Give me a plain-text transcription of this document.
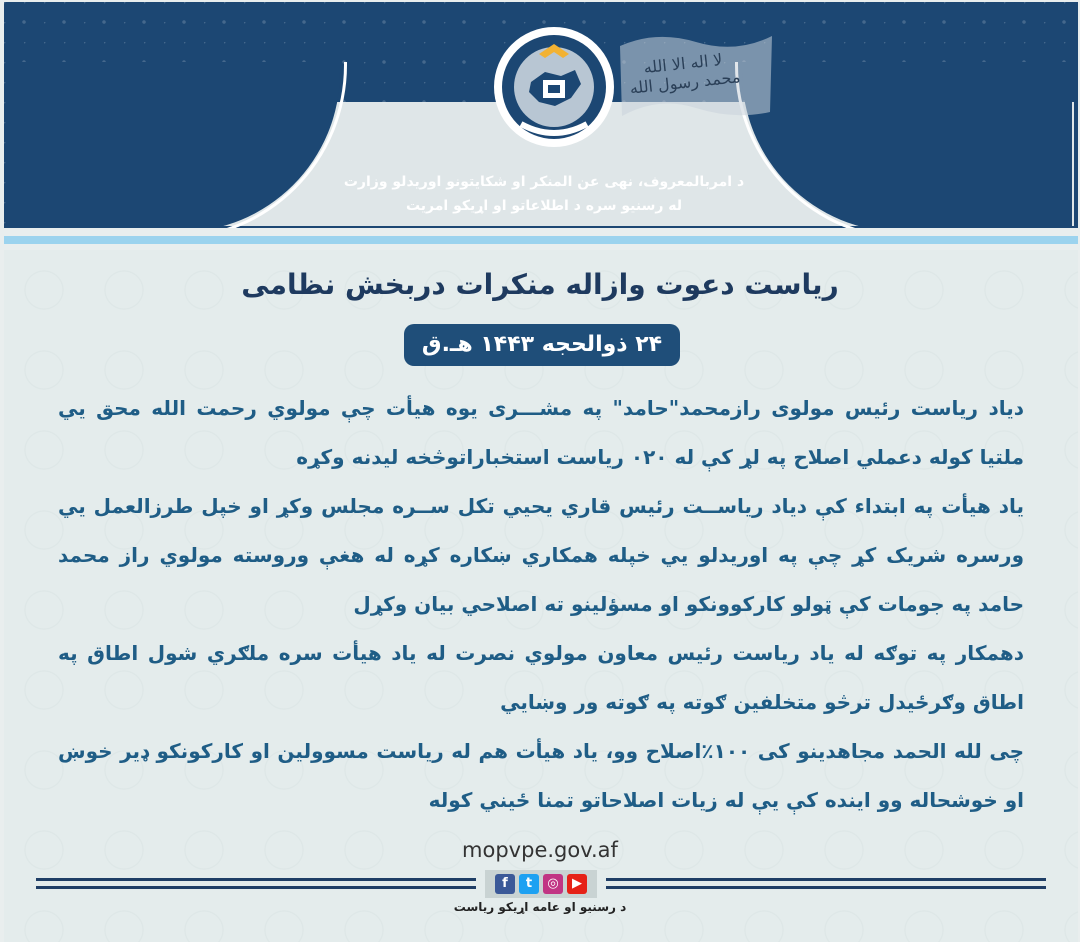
لا اله الا الله محمد رسول الله
د امربالمعروف، نهی عن المنکر او شکایتونو اوریدلو وزارت
له رسنیو سره د اطلاعاتو او اړیکو امریت
ریاست دعوت وازاله منکرات دربخش نظامی
۲۴ ذوالحجه ۱۴۴۳ هـ.ق

دیاد ریاست رئیس مولوی رازمحمد"حامد" په مشـــری یوه هیأت چې مولوي رحمت الله محق یي ملتیا کوله دعملي اصلاح په لړ کې له ۰۲۰ ریاست استخباراتوڅخه لیدنه وکړه

یاد هیأت په ابتداء کې دیاد ریاســت رئیس قاري یحیي تکل ســره مجلس وکړ او خپل طرزالعمل یي ورسره شریک کړ چې په اوریدلو یي خپله همکاري ښکاره کړه له هغې وروسته مولوي راز محمد حامد په جومات کې ټولو کارکوونکو او مسؤلینو ته اصلاحي بیان وکړل

دهمکار په توګه له یاد ریاست رئیس معاون مولوي نصرت له یاد هیأت سره ملګري شول اطاق په اطاق وګرځیدل ترڅو متخلفین ګوته په ګوته ور وښایي

چی لله الحمد مجاهدینو کی ۱۰۰٪اصلاح وو، یاد هیأت هم له ریاست مسوولین او کارکونکو ډیر خوښ او خوشحاله وو اینده کې یې له زیات اصلاحاتو تمنا ځیني کوله

mopvpe.gov.af
f	t	◎	▶
د رسنیو او عامه اړیکو ریاست
